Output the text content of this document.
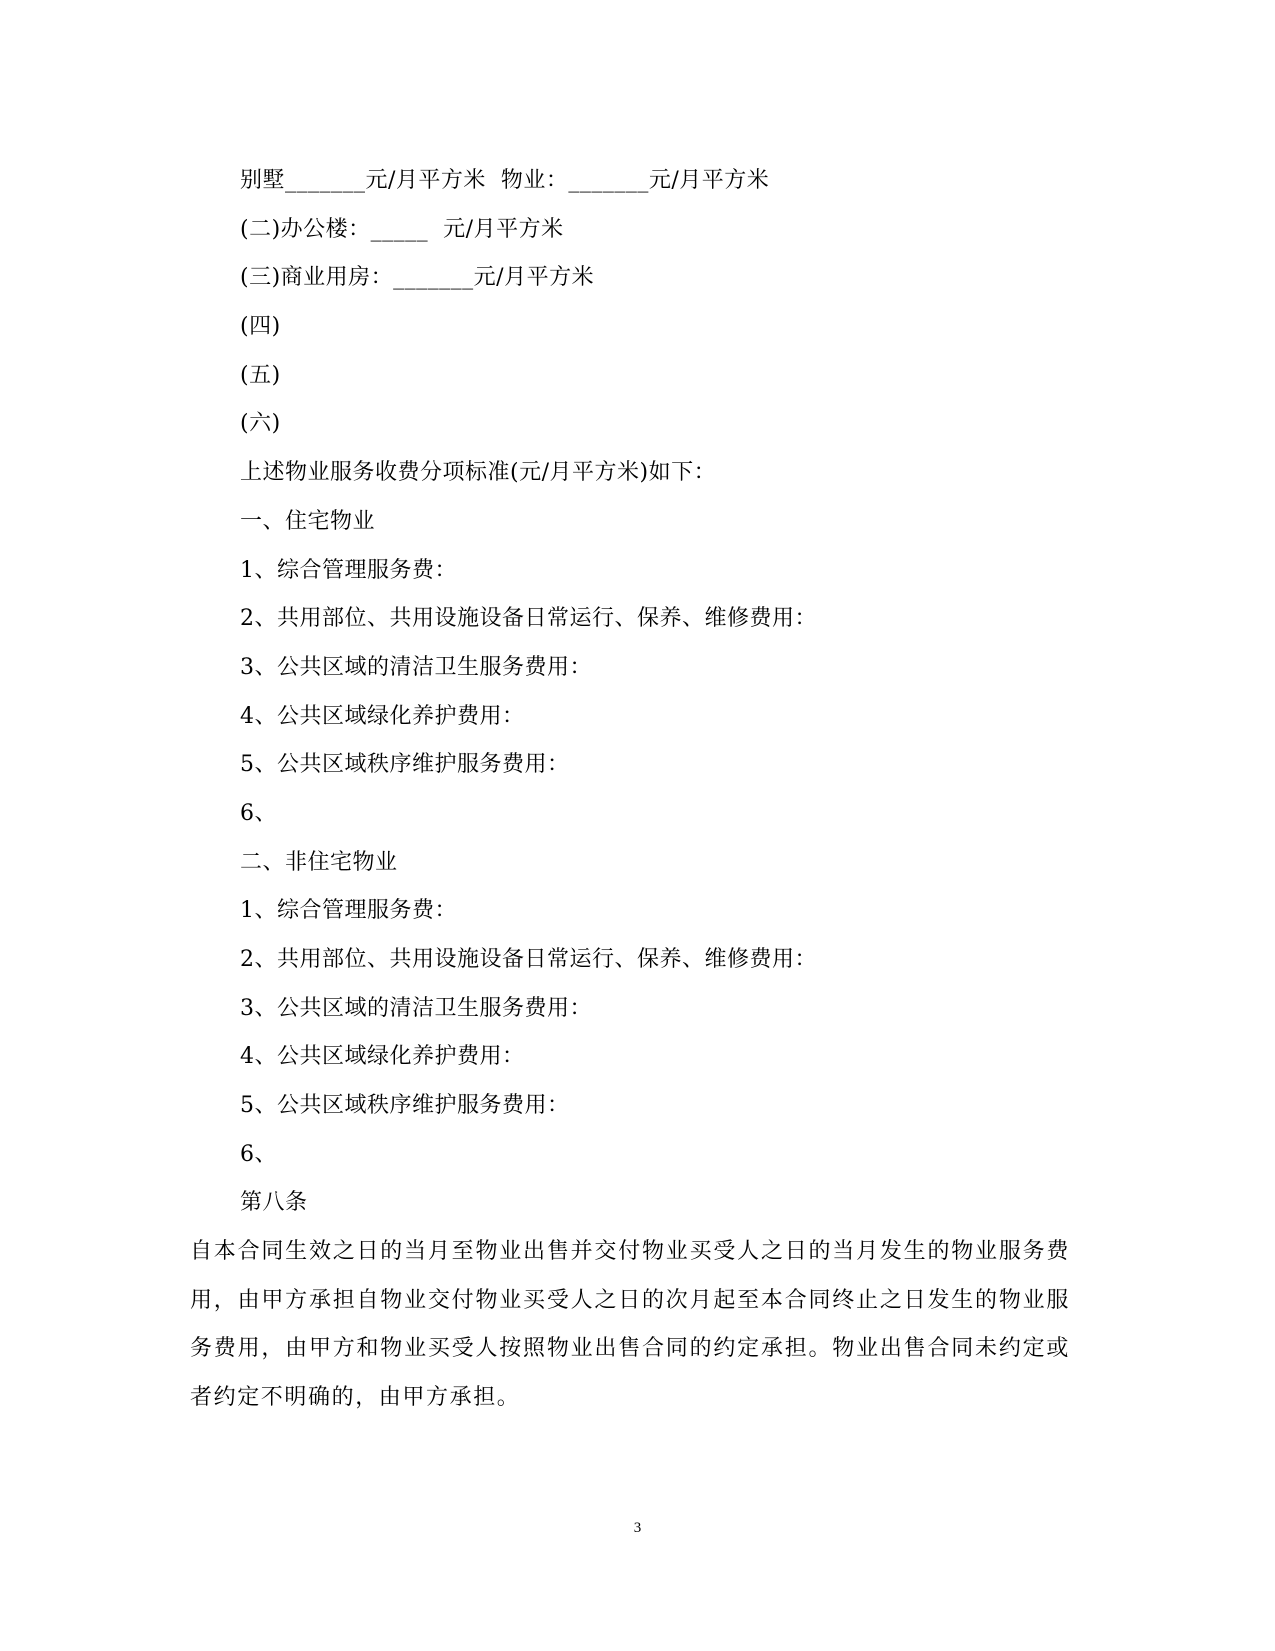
别墅_______元/月平方米  物业：_______元/月平方米
(二)办公楼：_____  元/月平方米
(三)商业用房：_______元/月平方米
(四)
(五)
(六)
上述物业服务收费分项标准(元/月平方米)如下：
一、住宅物业
1、综合管理服务费：
2、共用部位、共用设施设备日常运行、保养、维修费用：
3、公共区域的清洁卫生服务费用：
4、公共区域绿化养护费用：
5、公共区域秩序维护服务费用：
6、
二、非住宅物业
1、综合管理服务费：
2、共用部位、共用设施设备日常运行、保养、维修费用：
3、公共区域的清洁卫生服务费用：
4、公共区域绿化养护费用：
5、公共区域秩序维护服务费用：
6、
第八条
自本合同生效之日的当月至物业出售并交付物业买受人之日的当月发生的物业服务费用，由甲方承担自物业交付物业买受人之日的次月起至本合同终止之日发生的物业服务费用，由甲方和物业买受人按照物业出售合同的约定承担。物业出售合同未约定或者约定不明确的，由甲方承担。
3
